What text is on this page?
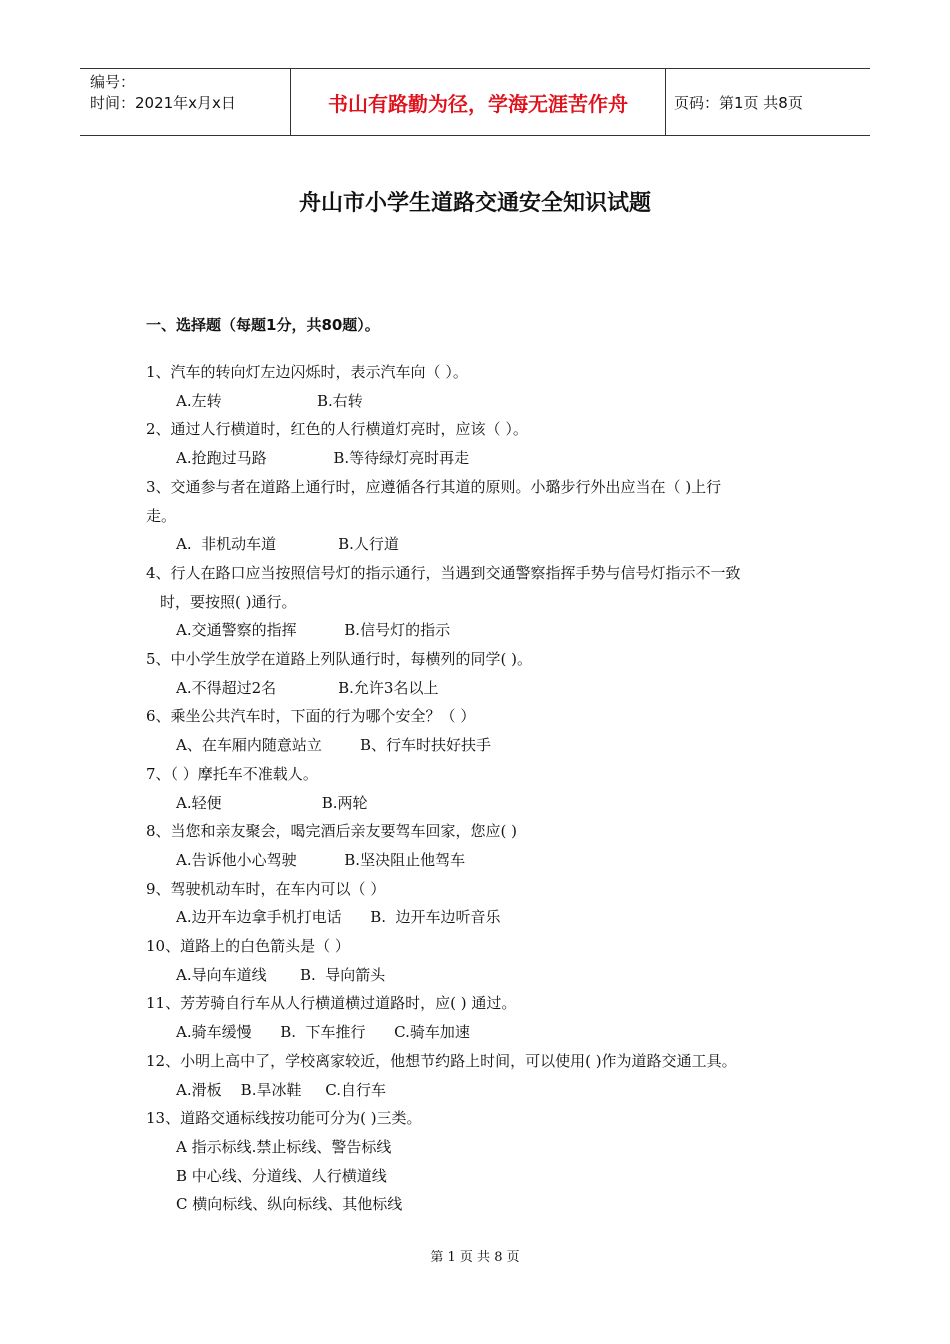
编号：
时间：2021年x月x日	书山有路勤为径，学海无涯苦作舟	页码：第1页 共8页
舟山市小学生道路交通安全知识试题
一、选择题（每题1分，共80题）。
1、汽车的转向灯左边闪烁时，表示汽车向（ ）。
A.左转                    B.右转
2、通过人行横道时，红色的人行横道灯亮时，应该（ ）。
A.抢跑过马路              B.等待绿灯亮时再走
3、交通参与者在道路上通行时，应遵循各行其道的原则。小璐步行外出应当在（ )上行
走。
A.  非机动车道             B.人行道
4、行人在路口应当按照信号灯的指示通行，当遇到交通警察指挥手势与信号灯指示不一致
时，要按照( )通行。
A.交通警察的指挥          B.信号灯的指示
5、中小学生放学在道路上列队通行时，每横列的同学( )。
A.不得超过2名             B.允许3名以上
6、乘坐公共汽车时，下面的行为哪个安全？（ ）
A、在车厢内随意站立        B、行车时扶好扶手
7、（ ）摩托车不准载人。
A.轻便                     B.两轮
8、当您和亲友聚会，喝完酒后亲友要驾车回家，您应( )
A.告诉他小心驾驶          B.坚决阻止他驾车
9、驾驶机动车时，在车内可以（ ）
A.边开车边拿手机打电话      B.  边开车边听音乐
10、道路上的白色箭头是（ ）
A.导向车道线       B.  导向箭头
11、芳芳骑自行车从人行横道横过道路时，应( ) 通过。
A.骑车缓慢      B.  下车推行      C.骑车加速
12、小明上高中了，学校离家较近，他想节约路上时间，可以使用( )作为道路交通工具。
A.滑板    B.旱冰鞋     C.自行车
13、道路交通标线按功能可分为( )三类。
A 指示标线.禁止标线、警告标线
B 中心线、分道线、人行横道线
C 横向标线、纵向标线、其他标线
第 1 页 共 8 页
